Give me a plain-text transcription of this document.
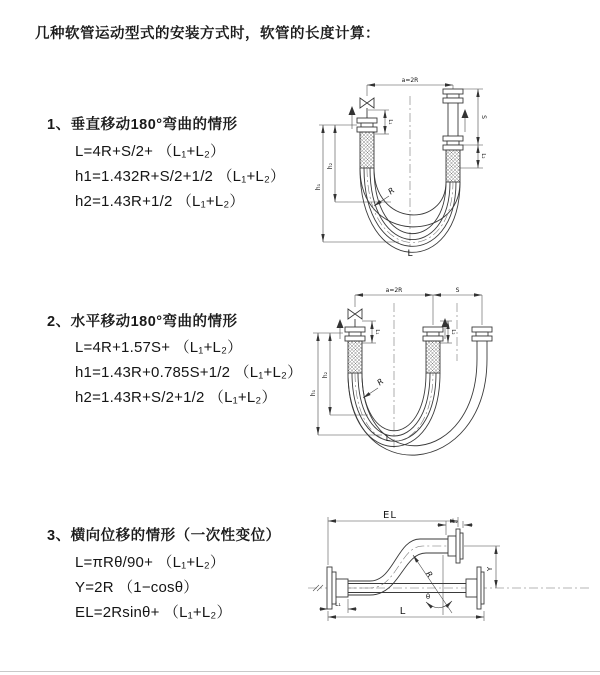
几种软管运动型式的安装方式时，软管的长度计算：
1、垂直移动180°弯曲的情形
L=4R+S/2+ （L₁+L₂）
h1=1.432R+S/2+1/2 （L₁+L₂）
h2=1.43R+1/2 （L₁+L₂）
2、水平移动180°弯曲的情形
L=4R+1.57S+ （L₁+L₂）
h1=1.43R+0.785S+1/2 （L₁+L₂）
h2=1.43R+S/2+1/2 （L₁+L₂）
3、横向位移的情形（一次性变位）
L=πRθ/90+ （L₁+L₂）
Y=2R （1−cosθ）
EL=2Rsinθ+ （L₁+L₂）
a=2R
L₁
S
L₂
h₂
h₁	R
L
a=2R	S
L₁	L₂
h₂
h₁
R
L
EL
L₂
Y
L
L₁
R
θ
